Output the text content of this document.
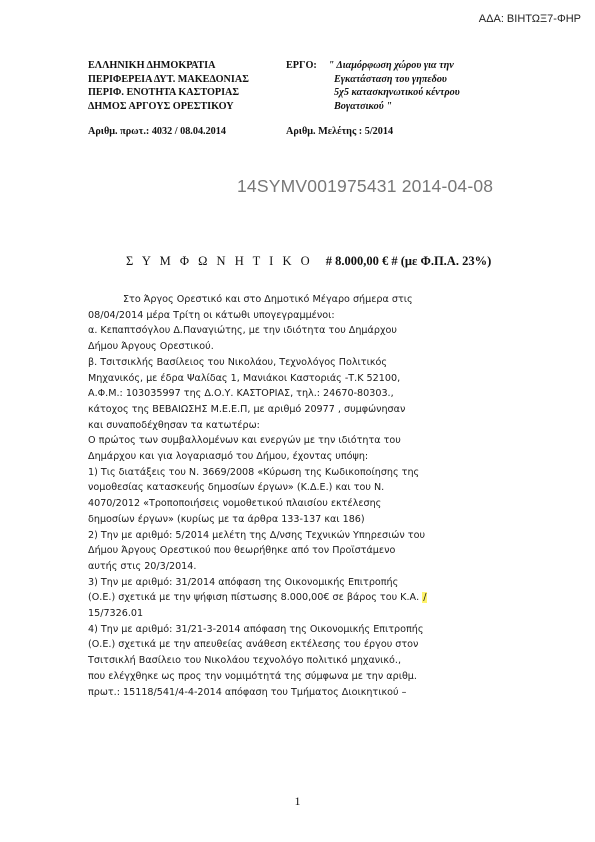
ΑΔΑ: ΒΙΗΤΩΞ7-ΦΗΡ
ΕΛΛΗΝΙΚΗ ΔΗΜΟΚΡΑΤΙΑ
ΠΕΡΙΦΕΡΕΙΑ ΔΥΤ. ΜΑΚΕΔΟΝΙΑΣ
ΠΕΡΙΦ. ΕΝΟΤΗΤΑ ΚΑΣΤΟΡΙΑΣ
ΔΗΜΟΣ ΑΡΓΟΥΣ ΟΡΕΣΤΙΚΟΥ
ΕΡΓΟ: " Διαμόρφωση χώρου για την
Εγκατάσταση του γηπεδου
5χ5 κατασκηνωτικού κέντρου
Βογατσικού "
Αριθμ. πρωτ.: 4032 / 08.04.2014	Αριθμ. Μελέτης : 5/2014
14SYMV001975431 2014-04-08
Σ Υ Μ Φ Ω Ν Η Τ Ι Κ Ο # 8.000,00 € # (με Φ.Π.Α. 23%)

Στο Άργος Ορεστικό και στο Δημοτικό Μέγαρο σήμερα στις

08/04/2014 μέρα Τρίτη οι κάτωθι υπογεγραμμένοι:

α. Κεπαπτσόγλου Δ.Παναγιώτης, με την ιδιότητα του Δημάρχου

Δήμου Άργους Ορεστικού.

β. Τσιτσικλής Βασίλειος του Νικολάου, Τεχνολόγος Πολιτικός

Μηχανικός, με έδρα Ψαλίδας 1, Μανιάκοι Καστοριάς -Τ.Κ 52100,

Α.Φ.Μ.: 103035997 της Δ.Ο.Υ. ΚΑΣΤΟΡΙΑΣ, τηλ.: 24670-80303.,

κάτοχος της ΒΕΒΑΙΩΣΗΣ Μ.Ε.Ε.Π, με αριθμό 20977 , συμφώνησαν

και συναποδέχθησαν τα κατωτέρω:

Ο πρώτος των συμβαλλομένων και ενεργών με την ιδιότητα του

Δημάρχου και για λογαριασμό του Δήμου, έχοντας υπόψη:

1) Τις διατάξεις του Ν. 3669/2008 «Κύρωση της Κωδικοποίησης της

νομοθεσίας κατασκευής δημοσίων έργων» (Κ.Δ.Ε.) και του Ν.

4070/2012 «Τροποποιήσεις νομοθετικού πλαισίου εκτέλεσης

δημοσίων έργων» (κυρίως με τα άρθρα 133-137 και 186)

2) Την με αριθμό: 5/2014 μελέτη της Δ/νσης Τεχνικών Υπηρεσιών του

Δήμου Άργους Ορεστικού που θεωρήθηκε από τον Προϊστάμενο

αυτής στις 20/3/2014.

3) Την με αριθμό: 31/2014 απόφαση της Οικονομικής Επιτροπής

(Ο.Ε.) σχετικά με την ψήφιση πίστωσης 8.000,00€ σε βάρος του Κ.Α. /

15/7326.01

4) Την με αριθμό: 31/21-3-2014 απόφαση της Οικονομικής Επιτροπής

(Ο.Ε.) σχετικά με την απευθείας ανάθεση εκτέλεσης του έργου στον

Τσιτσικλή Βασίλειο του Νικολάου τεχνολόγο πολιτικό μηχανικό.,

που ελέγχθηκε ως προς την νομιμότητά της σύμφωνα με την αριθμ.

πρωτ.: 15118/541/4-4-2014 απόφαση του Τμήματος Διοικητικού –

1
